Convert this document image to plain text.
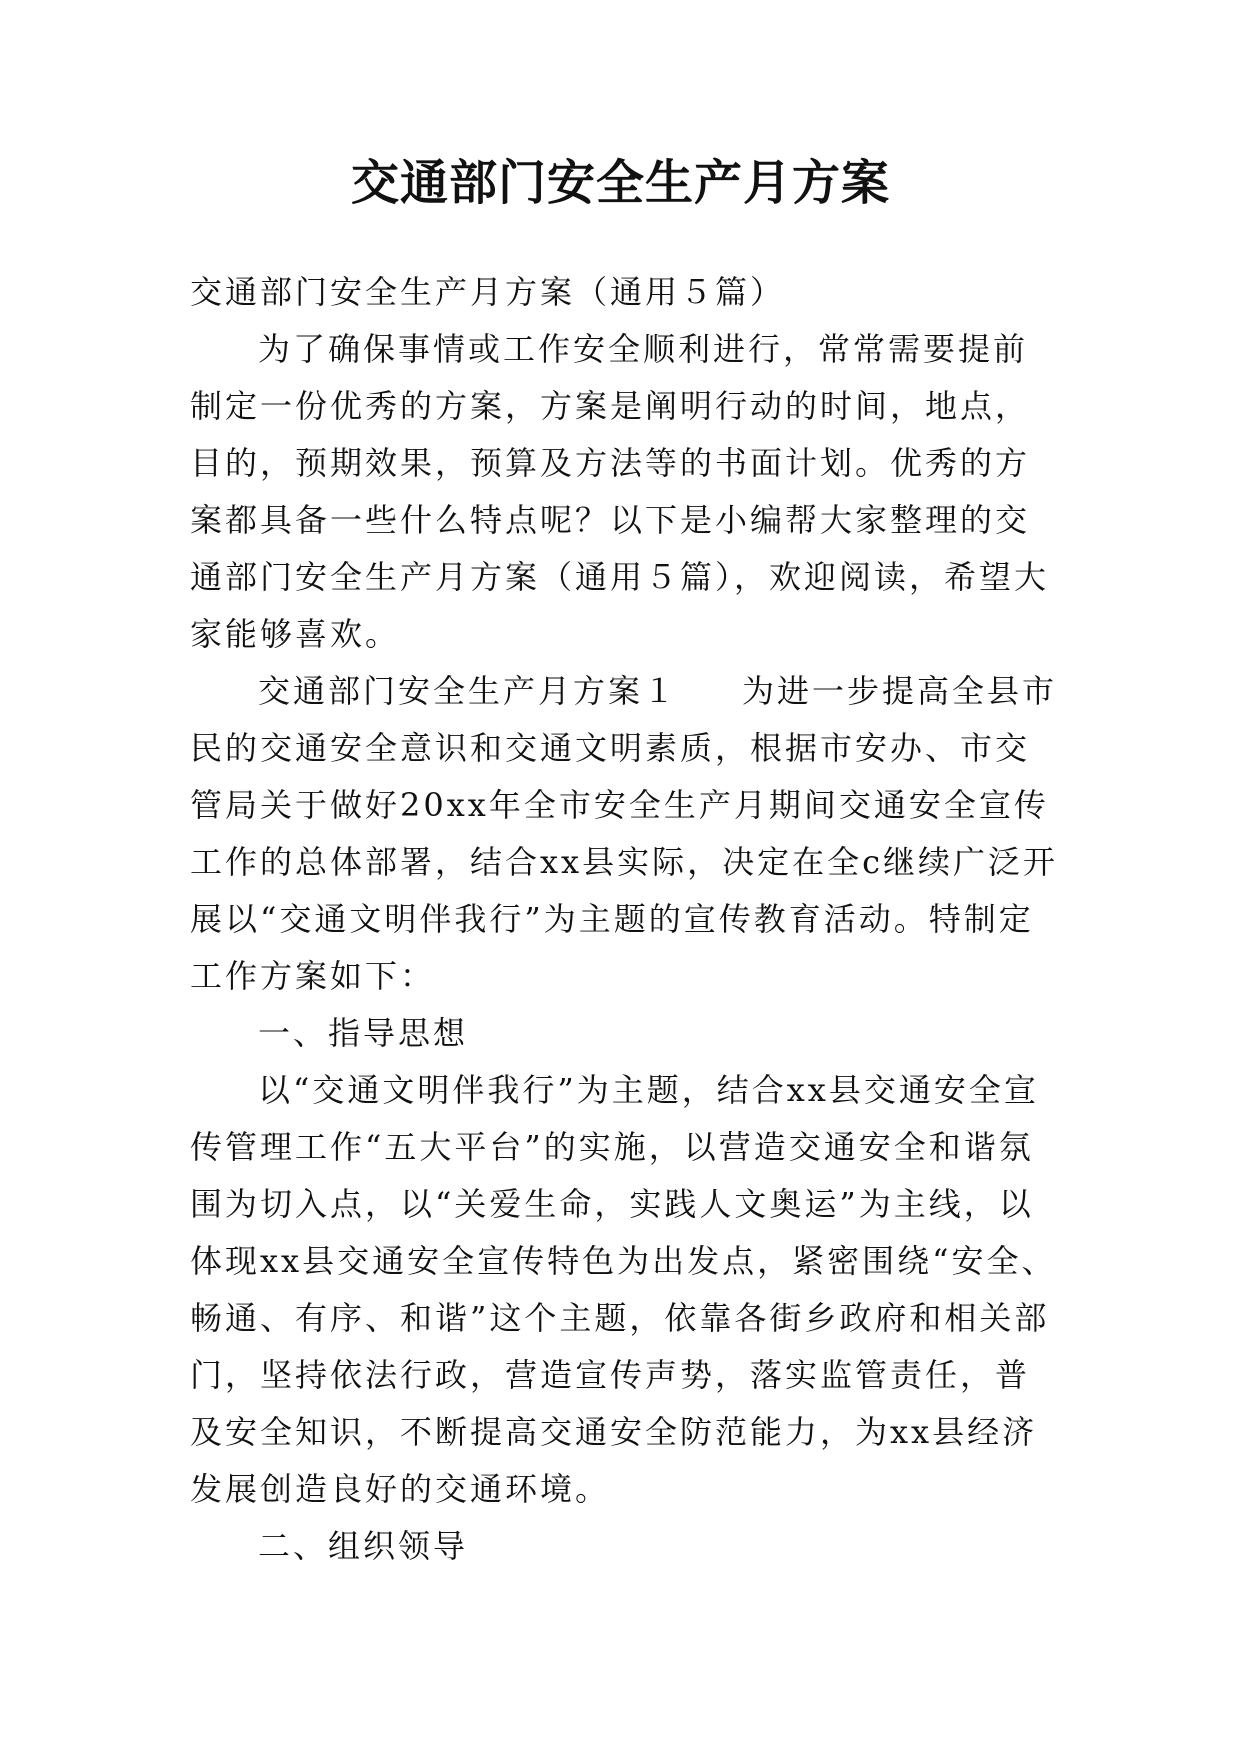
交通部门安全生产月方案

交通部门安全生产月方案（通用５篇）

为了确保事情或工作安全顺利进行，常常需要提前制定一份优秀的方案，方案是阐明行动的时间，地点，目的，预期效果，预算及方法等的书面计划。优秀的方案都具备一些什么特点呢？以下是小编帮大家整理的交通部门安全生产月方案（通用５篇），欢迎阅读，希望大家能够喜欢。

交通部门安全生产月方案１ 为进一步提高全县市民的交通安全意识和交通文明素质，根据市安办、市交管局关于做好20xx年全市安全生产月期间交通安全宣传工作的总体部署，结合xx县实际，决定在全c继续广泛开展以“交通文明伴我行”为主题的宣传教育活动。特制定工作方案如下：

一、指导思想

以“交通文明伴我行”为主题，结合xx县交通安全宣传管理工作“五大平台”的实施，以营造交通安全和谐氛围为切入点，以“关爱生命，实践人文奥运”为主线，以体现xx县交通安全宣传特色为出发点，紧密围绕“安全、畅通、有序、和谐”这个主题，依靠各街乡政府和相关部门，坚持依法行政，营造宣传声势，落实监管责任，普及安全知识，不断提高交通安全防范能力，为xx县经济发展创造良好的交通环境。

二、组织领导
